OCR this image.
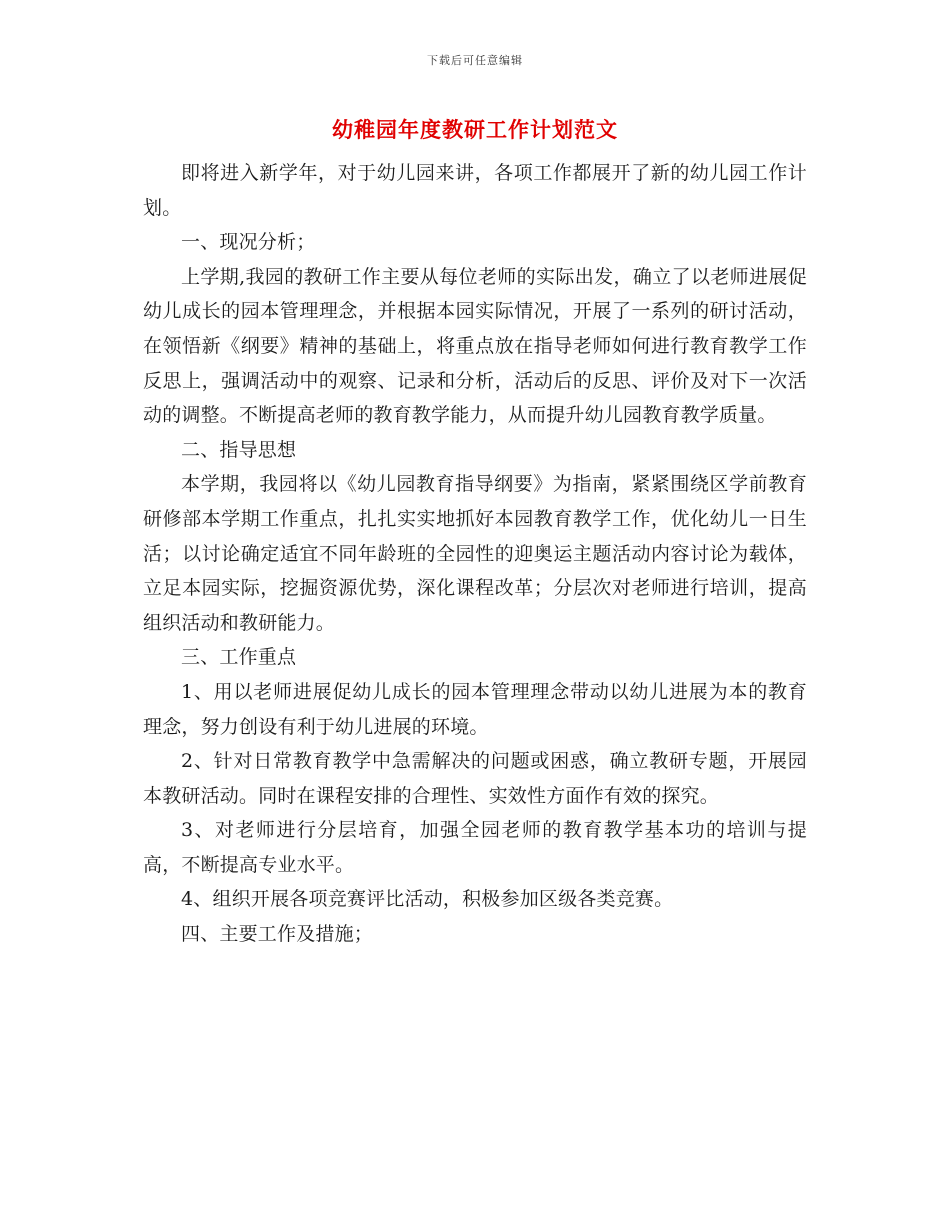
下载后可任意编辑
幼稚园年度教研工作计划范文

即将进入新学年，对于幼儿园来讲，各项工作都展开了新的幼儿园工作计划。

一、现况分析；

上学期,我园的教研工作主要从每位老师的实际出发，确立了以老师进展促幼儿成长的园本管理理念，并根据本园实际情况，开展了一系列的研讨活动，在领悟新《纲要》精神的基础上，将重点放在指导老师如何进行教育教学工作反思上，强调活动中的观察、记录和分析，活动后的反思、评价及对下一次活动的调整。不断提高老师的教育教学能力，从而提升幼儿园教育教学质量。

二、指导思想

本学期，我园将以《幼儿园教育指导纲要》为指南，紧紧围绕区学前教育研修部本学期工作重点，扎扎实实地抓好本园教育教学工作，优化幼儿一日生活；以讨论确定适宜不同年龄班的全园性的迎奥运主题活动内容讨论为载体，立足本园实际，挖掘资源优势，深化课程改革；分层次对老师进行培训，提高组织活动和教研能力。

三、工作重点

1、用以老师进展促幼儿成长的园本管理理念带动以幼儿进展为本的教育理念，努力创设有利于幼儿进展的环境。

2、针对日常教育教学中急需解决的问题或困惑，确立教研专题，开展园本教研活动。同时在课程安排的合理性、实效性方面作有效的探究。

3、对老师进行分层培育，加强全园老师的教育教学基本功的培训与提高，不断提高专业水平。

4、组织开展各项竞赛评比活动，积极参加区级各类竞赛。

四、主要工作及措施；
